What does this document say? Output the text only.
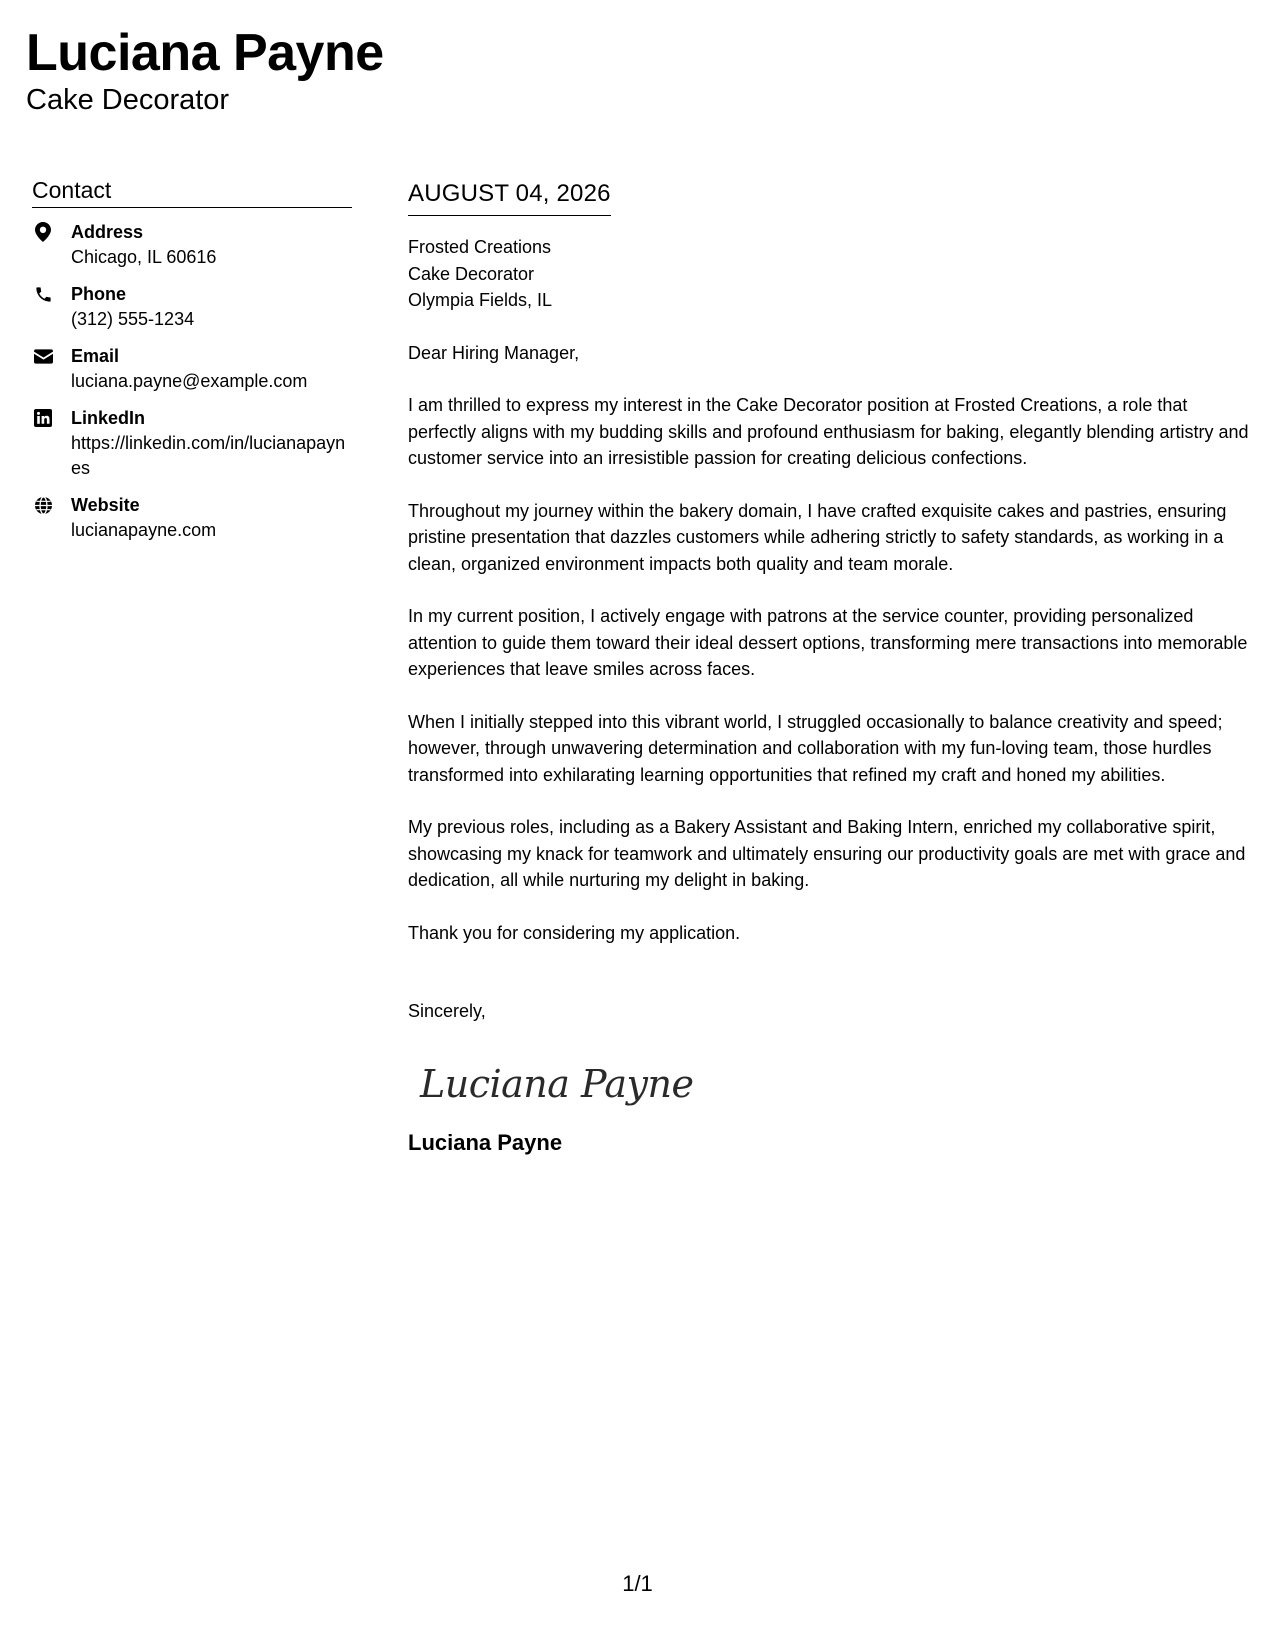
Luciana Payne
Cake Decorator
Contact
Address
Chicago, IL 60616
Phone
(312) 555-1234
Email
luciana.payne@example.com
LinkedIn
https://linkedin.com/in/lucianapaynes
Website
lucianapayne.com
AUGUST 04, 2026
Frosted Creations
Cake Decorator
Olympia Fields, IL

Dear Hiring Manager,

I am thrilled to express my interest in the Cake Decorator position at Frosted Creations, a role that perfectly aligns with my budding skills and profound enthusiasm for baking, elegantly blending artistry and customer service into an irresistible passion for creating delicious confections.

Throughout my journey within the bakery domain, I have crafted exquisite cakes and pastries, ensuring pristine presentation that dazzles customers while adhering strictly to safety standards, as working in a clean, organized environment impacts both quality and team morale.

In my current position, I actively engage with patrons at the service counter, providing personalized attention to guide them toward their ideal dessert options, transforming mere transactions into memorable experiences that leave smiles across faces.

When I initially stepped into this vibrant world, I struggled occasionally to balance creativity and speed; however, through unwavering determination and collaboration with my fun-loving team, those hurdles transformed into exhilarating learning opportunities that refined my craft and honed my abilities.

My previous roles, including as a Bakery Assistant and Baking Intern, enriched my collaborative spirit, showcasing my knack for teamwork and ultimately ensuring our productivity goals are met with grace and dedication, all while nurturing my delight in baking.

Thank you for considering my application.

Sincerely,
Luciana Payne
Luciana Payne
1/1
